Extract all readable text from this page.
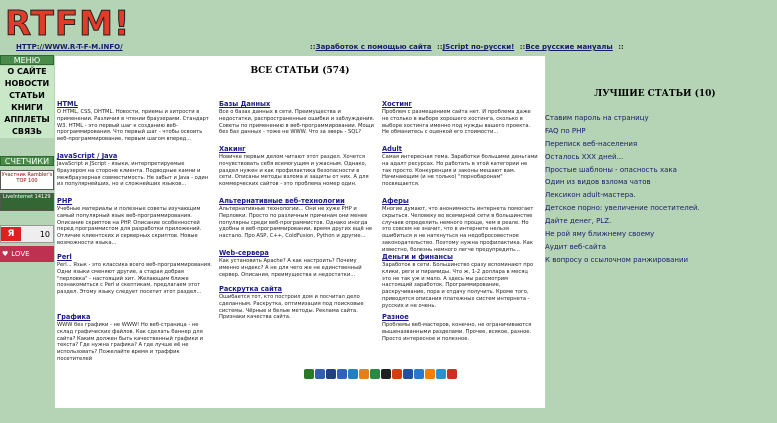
RTFM!
HTTP://WWW.R-T-F-M.INFO/	::Заработок с помощью сайта ::JScript по-русски! ::Все русские мануалы ::
МЕНЮ
О САЙТЕ
НОВОСТИ
СТАТЬИ
КНИГИ
АППЛЕТЫ
СВЯЗЬ
СЧЕТЧИКИ
Участник Rambler's TOP 100
LiveInternet 14129
Я	10
♥ LOVE
ВСЕ СТАТЬИ (574)
HTML
О HTML, CSS, DHTML. Новости, приемы и хитрости в применении. Различия в чтении браузерами. Стандарт W3. HTML - это первый шаг к созданию веб-программирования. Что первый шаг - чтобы освоить веб-программирование, первым шагом вперед...
Базы Данных
Все о базах данных в сети. Преимущества и недостатки, распространенные ошибки и заблуждения. Советы по применению в веб-программировании. Мощи без баз данных - тоже не WWW. Что за зверь - SQL?
Хостинг
Проблем с размещением сайта нет. И проблема даже не столько в выборе хорошего хостинга, сколько в выборе хостинга именно под нужды вашего проекта. Не обманитесь с оценкой его стоимости...
JavaScript / Java
JavaScript и JScript - языки, интерпретируемые браузером на стороне клиента. Подводные камни и межбраузерная совместимость. Не забыт и Java - один из популярнейших, но и сложнейших языков...
Хакинг
Новичке первым делом читают этот раздел. Хочется почувствовать себя всемогущим и ужасным. Однако, раздел нужен и как профилактика безопасности в сети. Описаны методы взлома и защиты от них. А для коммерческих сайтов - это проблема номер один.
Adult
Самая интересная тема. Заработки большими деньгами на адалт ресурсах. Но работать в этой категории не так просто. Конкуренция и законы мешают вам. Начинающим (и не только) "порнобаронам" посвящается.
PHP
Учебные материалы и полезные советы изучающим самый популярный язык веб-программирования. Описание скриптов на PHP. Описание особенностей перед программистом для разработки приложений. Отличие клиентских и серверных скриптов. Новые возможности языка...
Альтернативные веб-технологии
Альтернативные технологии... Они не хуже PHP и Перловки. Просто по различным причинам они менее популярны среди веб-программистов. Однако иногда удобны в веб-программировании, время других ещё не настало. Про ASP, C++, ColdFusion, Python и другие...
Аферы
Многие думают, что анонимность интернета помогает скрыться. Человеку во всемирной сети в большинстве случаев определить немного проще, чем в реале. Но это совсем не значит, что в интернете нельзя ошибиться и не наткнуться на недобросовестное законодательство. Поэтому нужна профилактика. Как известно, болезнь немного легче предупредить...
Perl
Perl... Язык - это классика всего веб-программирования. Одни языки сменяют другие, а старая добрая "перловка" - настоящий хит. Желающим ближе познакомиться с Perl и скептикам, предлагаем этот раздел. Этому языку следует посетит этот раздел...
Web-сервера
Как установить Apache? А как настроить? Почему именно индекс? А не для чего же не единственный сервер. Описания, преимущества и недостатки...
Деньги и финансы
Заработок в сети. Большинство сразу вспоминают про клики, реги и пирамиды. Что ж, 1-2 доллара в месяц это не так уж и мало. А здесь мы рассмотрим настоящий заработок. Программирование, раскручивание, пора и отдачу получить. Кроме того, приводятся описания платежных систем интернета - русских и не очень.
Графика
WWW без графики - не WWW! Но веб-страница - не склад графических файлов. Как сделать баннер для сайта? Каким должен быть качественный графики и текста? Где нужна графика? А где лучше её не использовать? Пожелайте время и траффик посетителей
Раскрутка сайта
Ошибается тот, кто построил дом и посчитал дело сделанным. Раскрутка, оптимизация под поисковые системы. Чёрные и белые методы. Реклама сайта. Признаки качества сайта.	Разное
Проблемы веб-мастеров, конечно, не ограничиваются вышеназванными разделами. Прочее, всякое, разное. Просто интересное и полезное.
ЛУЧШИЕ СТАТЬИ (10)
Ставим пароль на страницу
FAQ по PHP
Переписк веб-населения
Осталось XXX дней...
Простые шаблоны - опасность хака
Один из видов взлома чатов
Лексикон adult-мастера.
Детское порно: увеличение посетителей.
Дайте денег, PLZ.
Не рой яму ближнему своему
Аудит веб-сайта
К вопросу о ссылочном ранжировании
